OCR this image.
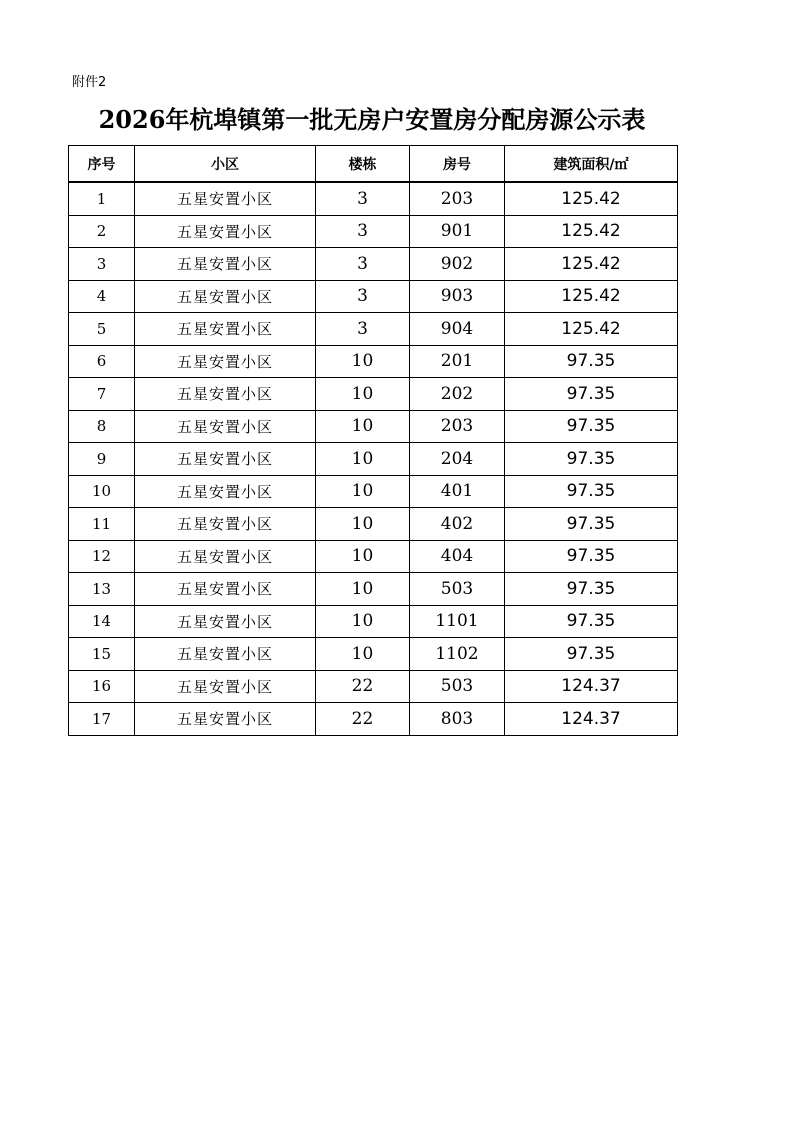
附件2
2026年杭埠镇第一批无房户安置房分配房源公示表
序号	小区	楼栋	房号	建筑面积/㎡
1	五星安置小区	3	203	125.42
2	五星安置小区	3	901	125.42
3	五星安置小区	3	902	125.42
4	五星安置小区	3	903	125.42
5	五星安置小区	3	904	125.42
6	五星安置小区	10	201	97.35
7	五星安置小区	10	202	97.35
8	五星安置小区	10	203	97.35
9	五星安置小区	10	204	97.35
10	五星安置小区	10	401	97.35
11	五星安置小区	10	402	97.35
12	五星安置小区	10	404	97.35
13	五星安置小区	10	503	97.35
14	五星安置小区	10	1101	97.35
15	五星安置小区	10	1102	97.35
16	五星安置小区	22	503	124.37
17	五星安置小区	22	803	124.37
